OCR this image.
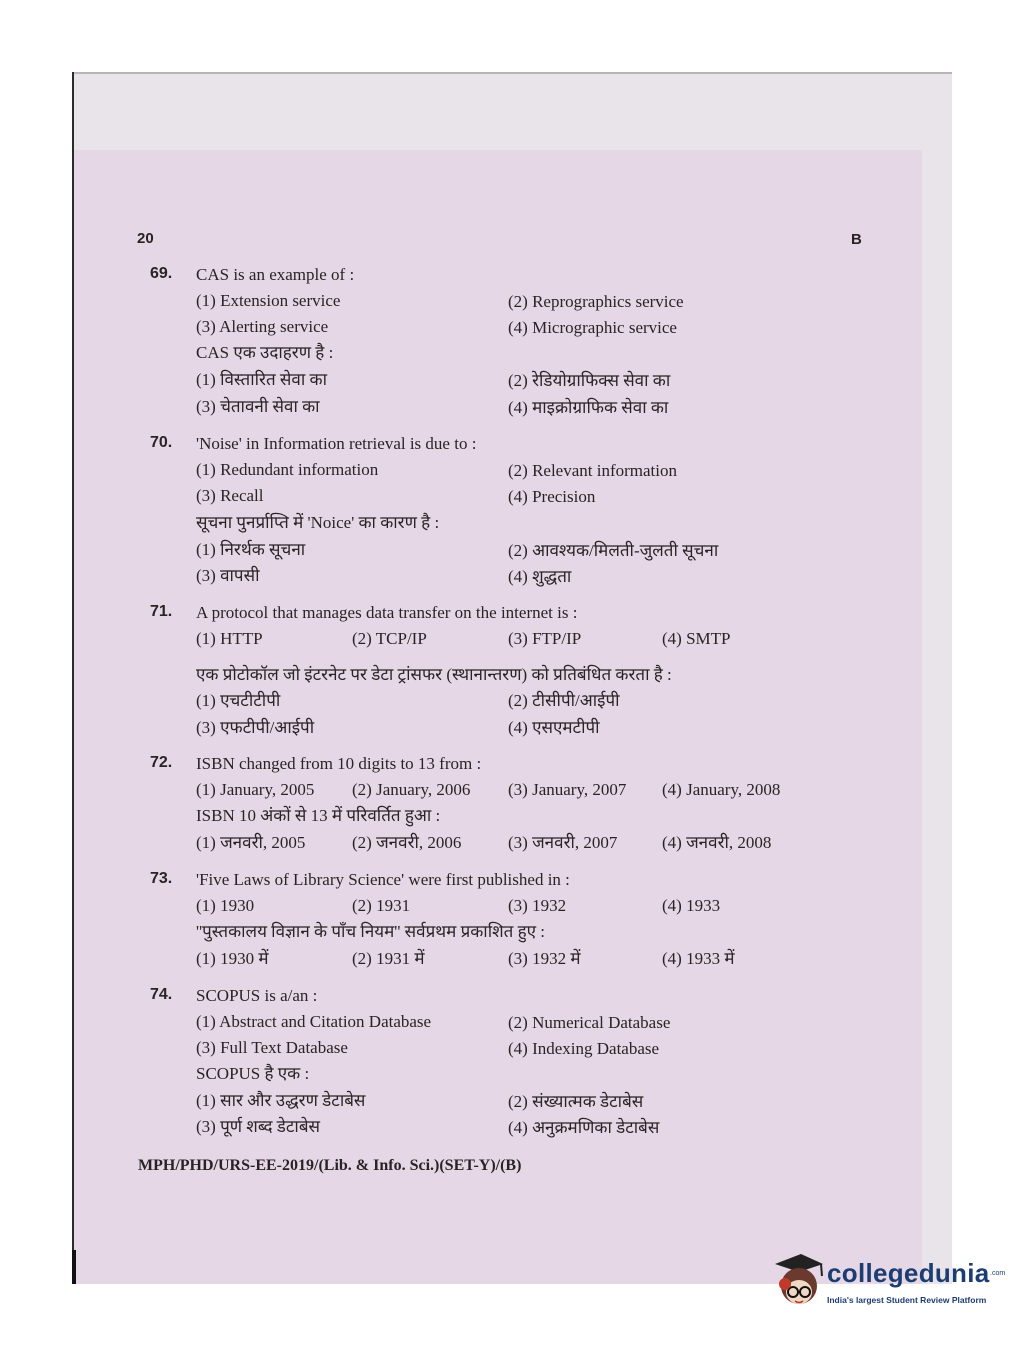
20	B
69. CAS is an example of :
(1) Extension service	(2) Reprographics service
(3) Alerting service	(4) Micrographic service
CAS एक उदाहरण है :
(1) विस्तारित सेवा का	(2) रेडियोग्राफिक्स सेवा का
(3) चेतावनी सेवा का	(4) माइक्रोग्राफिक सेवा का
70. 'Noise' in Information retrieval is due to :
(1) Redundant information	(2) Relevant information
(3) Recall	(4) Precision
सूचना पुनर्प्राप्ति में 'Noice' का कारण है :
(1) निरर्थक सूचना	(2) आवश्यक/मिलती-जुलती सूचना
(3) वापसी	(4) शुद्धता
71. A protocol that manages data transfer on the internet is :
(1) HTTP	(2) TCP/IP	(3) FTP/IP	(4) SMTP
एक प्रोटोकॉल जो इंटरनेट पर डेटा ट्रांसफर (स्थानान्तरण) को प्रतिबंधित करता है :
(1) एचटीटीपी	(2) टीसीपी/आईपी
(3) एफटीपी/आईपी	(4) एसएमटीपी
72. ISBN changed from 10 digits to 13 from :
(1) January, 2005 (2) January, 2006 (3) January, 2007 (4) January, 2008
ISBN 10 अंकों से 13 में परिवर्तित हुआ :
(1) जनवरी, 2005	(2) जनवरी, 2006	(3) जनवरी, 2007	(4) जनवरी, 2008
73. 'Five Laws of Library Science' were first published in :
(1) 1930	(2) 1931	(3) 1932	(4) 1933
''पुस्तकालय विज्ञान के पाँच नियम'' सर्वप्रथम प्रकाशित हुए :
(1) 1930 में	(2) 1931 में	(3) 1932 में	(4) 1933 में
74. SCOPUS is a/an :
(1) Abstract and Citation Database	(2) Numerical Database
(3) Full Text Database	(4) Indexing Database
SCOPUS है एक :
(1) सार और उद्धरण डेटाबेस	(2) संख्यात्मक डेटाबेस
(3) पूर्ण शब्द डेटाबेस	(4) अनुक्रमणिका डेटाबेस
MPH/PHD/URS-EE-2019/(Lib. & Info. Sci.)(SET-Y)/(B)
collegedunia .com
India's largest Student Review Platform
